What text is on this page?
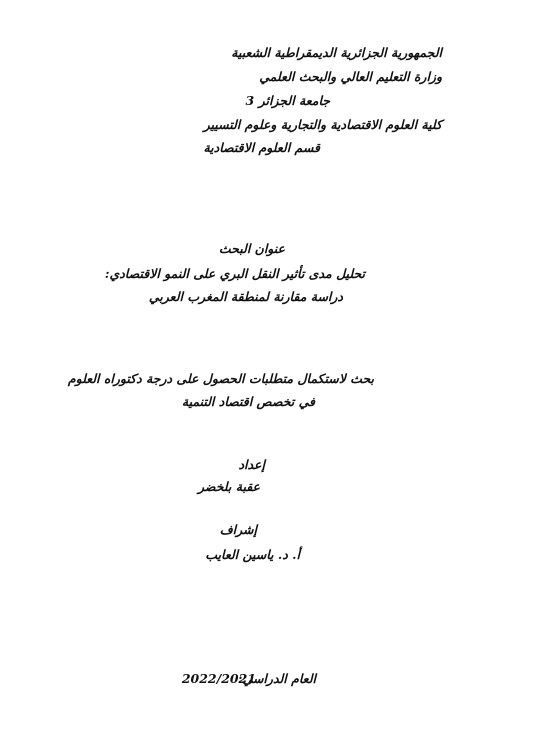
الجمهورية الجزائرية الديمقراطية الشعبية
وزارة التعليم العالي والبحث العلمي
جامعة الجزائر 3
كلية العلوم الاقتصادية والتجارية وعلوم التسيير
قسم العلوم الاقتصادية
عنوان البحث
تحليل مدى تأثير النقل البري على النمو الاقتصادي:
دراسة مقارنة لمنطقة المغرب العربي
بحث لاستكمال متطلبات الحصول على درجة دكتوراه العلوم
في تخصص اقتصاد التنمية
إعداد
عقبة بلخضر
إشراف
أ. د. ياسين العايب
العام الدراسي:
2022/2021
